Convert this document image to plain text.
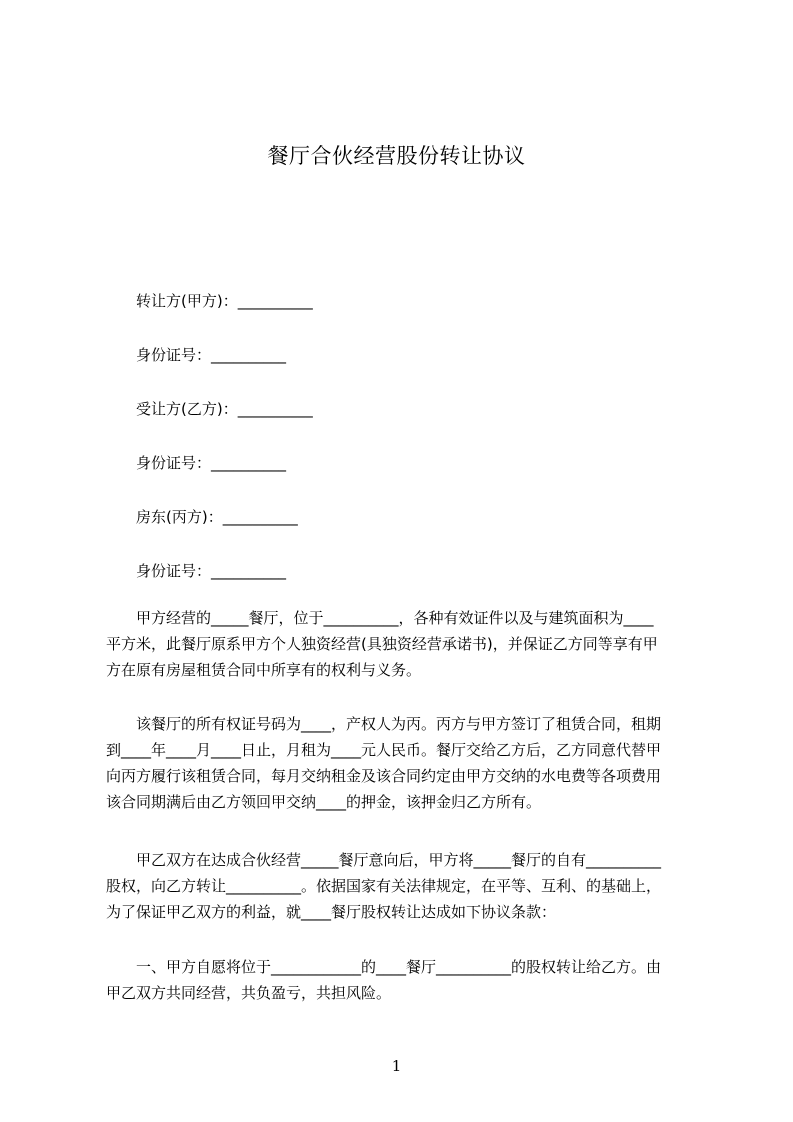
餐厅合伙经营股份转让协议
转让方(甲方)：__________
身份证号：__________
受让方(乙方)：__________
身份证号：__________
房东(丙方)：__________
身份证号：__________
甲方经营的_____餐厅，位于__________，各种有效证件以及与建筑面积为____
平方米，此餐厅原系甲方个人独资经营(具独资经营承诺书)，并保证乙方同等享有甲
方在原有房屋租赁合同中所享有的权利与义务。
该餐厅的所有权证号码为____，产权人为丙。丙方与甲方签订了租赁合同，租期
到____年____月____日止，月租为____元人民币。餐厅交给乙方后，乙方同意代替甲
向丙方履行该租赁合同，每月交纳租金及该合同约定由甲方交纳的水电费等各项费用
该合同期满后由乙方领回甲交纳____的押金，该押金归乙方所有。
甲乙双方在达成合伙经营_____餐厅意向后，甲方将_____餐厅的自有__________
股权，向乙方转让__________。依据国家有关法律规定，在平等、互利、的基础上，
为了保证甲乙双方的利益，就____餐厅股权转让达成如下协议条款：
一、甲方自愿将位于____________的____餐厅__________的股权转让给乙方。由
甲乙双方共同经营，共负盈亏，共担风险。
1
